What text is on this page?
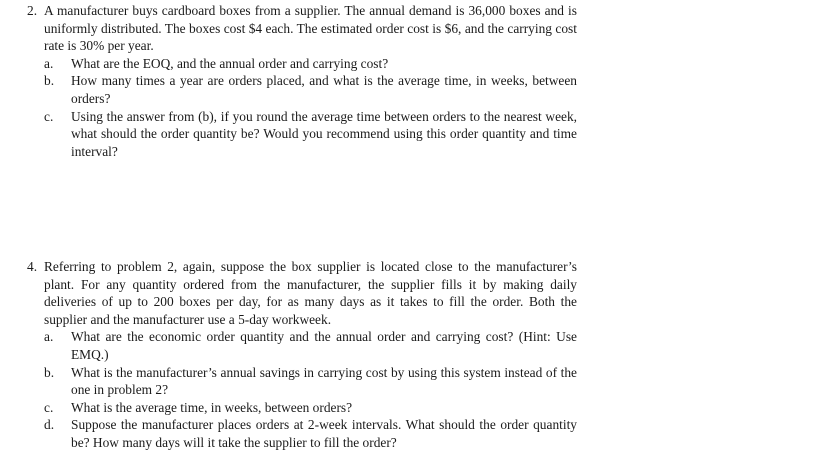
2. A manufacturer buys cardboard boxes from a supplier. The annual demand is 36,000 boxes and is uniformly distributed. The boxes cost $4 each. The estimated order cost is $6, and the carrying cost rate is 30% per year.
a.	What are the EOQ, and the annual order and carrying cost?
b.	How many times a year are orders placed, and what is the average time, in weeks, between orders?
c.	Using the answer from (b), if you round the average time between orders to the nearest week, what should the order quantity be? Would you recommend using this order quantity and time interval?
4. Referring to problem 2, again, suppose the box supplier is located close to the manufacturer’s plant. For any quantity ordered from the manufacturer, the supplier fills it by making daily deliveries of up to 200 boxes per day, for as many days as it takes to fill the order. Both the supplier and the manufacturer use a 5-day workweek.
a.	What are the economic order quantity and the annual order and carrying cost? (Hint: Use EMQ.)
b.	What is the manufacturer’s annual savings in carrying cost by using this system instead of the one in problem 2?
c.	What is the average time, in weeks, between orders?
d.	Suppose the manufacturer places orders at 2-week intervals. What should the order quantity be? How many days will it take the supplier to fill the order?
